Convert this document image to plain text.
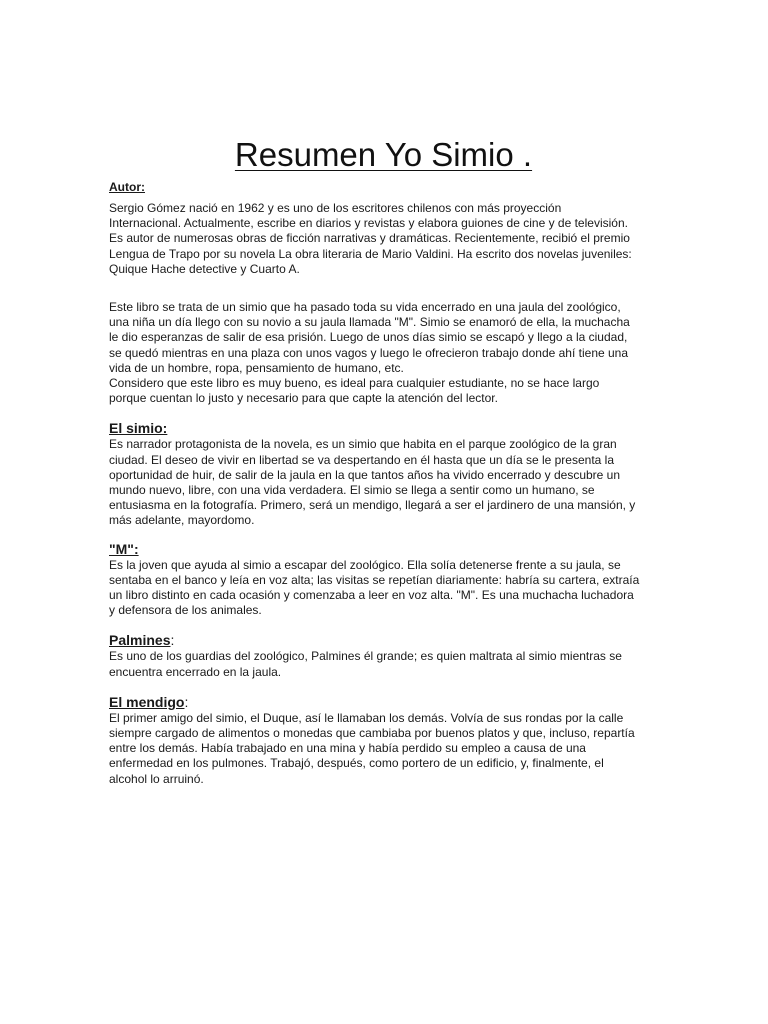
Resumen Yo Simio .

Autor:

Sergio Gómez nació en 1962 y es uno de los escritores chilenos con más proyección
Internacional. Actualmente, escribe en diarios y revistas y elabora guiones de cine y de televisión.
Es autor de numerosas obras de ficción narrativas y dramáticas. Recientemente, recibió el premio
Lengua de Trapo por su novela La obra literaria de Mario Valdini. Ha escrito dos novelas juveniles:
Quique Hache detective y Cuarto A.

Este libro se trata de un simio que ha pasado toda su vida encerrado en una jaula del zoológico,
una niña un día llego con su novio a su jaula llamada "M". Simio se enamoró de ella, la muchacha
le dio esperanzas de salir de esa prisión. Luego de unos días simio se escapó y llego a la ciudad,
se quedó mientras en una plaza con unos vagos y luego le ofrecieron trabajo donde ahí tiene una
vida de un hombre, ropa, pensamiento de humano, etc.
Considero que este libro es muy bueno, es ideal para cualquier estudiante, no se hace largo
porque cuentan lo justo y necesario para que capte la atención del lector.

El simio:

Es narrador protagonista de la novela, es un simio que habita en el parque zoológico de la gran
ciudad. El deseo de vivir en libertad se va despertando en él hasta que un día se le presenta la
oportunidad de huir, de salir de la jaula en la que tantos años ha vivido encerrado y descubre un
mundo nuevo, libre, con una vida verdadera. El simio se llega a sentir como un humano, se
entusiasma en la fotografía. Primero, será un mendigo, llegará a ser el jardinero de una mansión, y
más adelante, mayordomo.

"M":

Es la joven que ayuda al simio a escapar del zoológico. Ella solía detenerse frente a su jaula, se
sentaba en el banco y leía en voz alta; las visitas se repetían diariamente: habría su cartera, extraía
un libro distinto en cada ocasión y comenzaba a leer en voz alta. "M". Es una muchacha luchadora
y defensora de los animales.

Palmines:

Es uno de los guardias del zoológico, Palmines él grande; es quien maltrata al simio mientras se
encuentra encerrado en la jaula.

El mendigo:

El primer amigo del simio, el Duque, así le llamaban los demás. Volvía de sus rondas por la calle
siempre cargado de alimentos o monedas que cambiaba por buenos platos y que, incluso, repartía
entre los demás. Había trabajado en una mina y había perdido su empleo a causa de una
enfermedad en los pulmones. Trabajó, después, como portero de un edificio, y, finalmente, el
alcohol lo arruinó.
